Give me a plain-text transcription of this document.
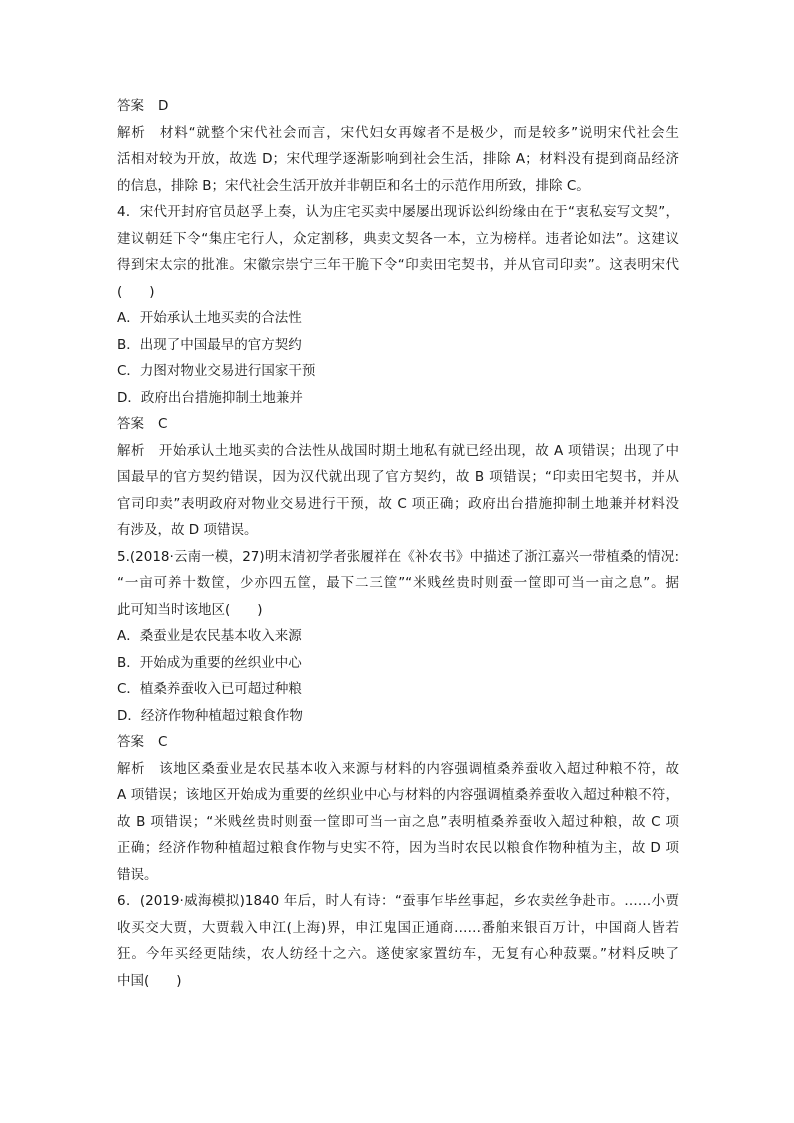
答案 D
解析 材料“就整个宋代社会而言，宋代妇女再嫁者不是极少，而是较多”说明宋代社会生
活相对较为开放，故选 D；宋代理学逐渐影响到社会生活，排除 A；材料没有提到商品经济
的信息，排除 B；宋代社会生活开放并非朝臣和名士的示范作用所致，排除 C。
4．宋代开封府官员赵孚上奏，认为庄宅买卖中屡屡出现诉讼纠纷缘由在于“衷私妄写文契”，
建议朝廷下令“集庄宅行人，众定割移，典卖文契各一本，立为榜样。违者论如法”。这建议
得到宋太宗的批准。宋徽宗崇宁三年干脆下令“印卖田宅契书，并从官司印卖”。这表明宋代
(　　)
A．开始承认土地买卖的合法性
B．出现了中国最早的官方契约
C．力图对物业交易进行国家干预
D．政府出台措施抑制土地兼并
答案 C
解析 开始承认土地买卖的合法性从战国时期土地私有就已经出现，故 A 项错误；出现了中
国最早的官方契约错误，因为汉代就出现了官方契约，故 B 项错误；“印卖田宅契书，并从
官司印卖”表明政府对物业交易进行干预，故 C 项正确；政府出台措施抑制土地兼并材料没
有涉及，故 D 项错误。
5.(2018·云南一模，27)明末清初学者张履祥在《补农书》中描述了浙江嘉兴一带植桑的情况:
“一亩可养十数筐，少亦四五筐，最下二三筐”“米贱丝贵时则蚕一筐即可当一亩之息”。据
此可知当时该地区(　　)
A．桑蚕业是农民基本收入来源
B．开始成为重要的丝织业中心
C．植桑养蚕收入已可超过种粮
D．经济作物种植超过粮食作物
答案 C
解析 该地区桑蚕业是农民基本收入来源与材料的内容强调植桑养蚕收入超过种粮不符，故
A 项错误；该地区开始成为重要的丝织业中心与材料的内容强调植桑养蚕收入超过种粮不符，
故 B 项错误；“米贱丝贵时则蚕一筐即可当一亩之息”表明植桑养蚕收入超过种粮，故 C 项
正确；经济作物种植超过粮食作物与史实不符，因为当时农民以粮食作物种植为主，故 D 项
错误。
6．(2019·威海模拟)1840 年后，时人有诗：“蚕事乍毕丝事起，乡农卖丝争赴市。……小贾
收买交大贾，大贾载入申江(上海)界，申江鬼国正通商……番舶来银百万计，中国商人皆若
狂。今年买经更陆续，农人纺经十之六。遂使家家置纺车，无复有心种菽粟。”材料反映了
中国(　　)
